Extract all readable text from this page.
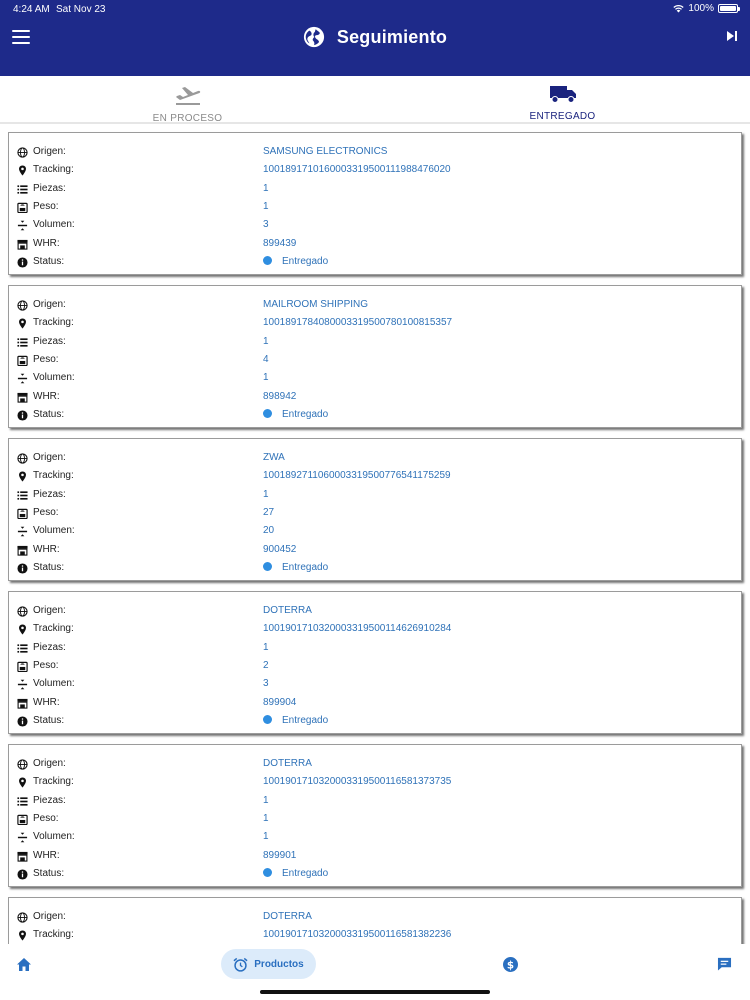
4:24 AM Sat Nov 23	100%
Seguimiento
EN PROCESO	ENTREGADO
Origen:	SAMSUNG ELECTRONICS
Tracking:	1001891710160003319500111988476020
Piezas:	1
Peso:	1
Volumen:	3
WHR:	899439
Status:	Entregado
Origen:	MAILROOM SHIPPING
Tracking:	1001891784080003319500780100815357
Piezas:	1
Peso:	4
Volumen:	1
WHR:	898942
Status:	Entregado
Origen:	ZWA
Tracking:	1001892711060003319500776541175259
Piezas:	1
Peso:	27
Volumen:	20
WHR:	900452
Status:	Entregado
Origen:	DOTERRA
Tracking:	1001901710320003319500114626910284
Piezas:	1
Peso:	2
Volumen:	3
WHR:	899904
Status:	Entregado
Origen:	DOTERRA
Tracking:	1001901710320003319500116581373735
Piezas:	1
Peso:	1
Volumen:	1
WHR:	899901
Status:	Entregado
Origen:	DOTERRA
Tracking:	1001901710320003319500116581382236
Productos	$
